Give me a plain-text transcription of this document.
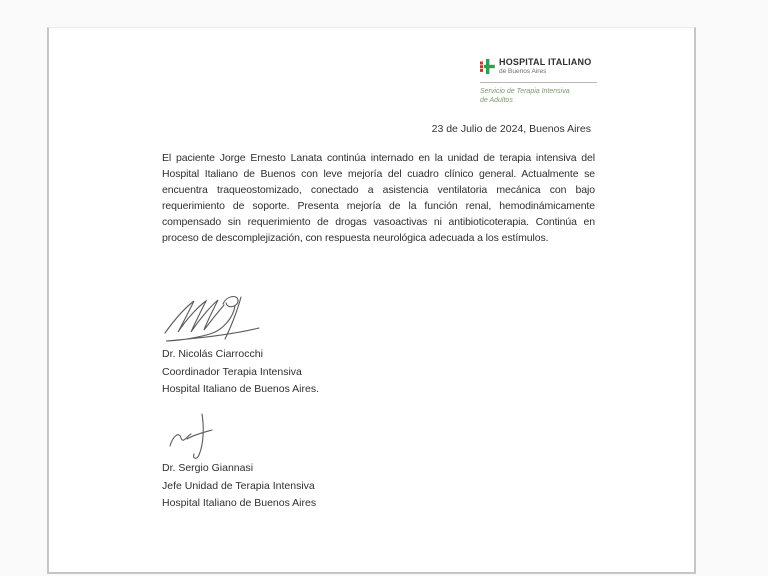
HOSPITAL ITALIANO
de Buenos Aires
Servicio de Terapia Intensiva
de Adultos
23 de Julio de 2024, Buenos Aires
El paciente Jorge Ernesto Lanata continúa internado en la unidad de terapia intensiva del Hospital Italiano de Buenos con leve mejoría del cuadro clínico general. Actualmente se encuentra traqueostomizado, conectado a asistencia ventilatoria mecánica con bajo requerimiento de soporte. Presenta mejoría de la función renal, hemodinámicamente compensado sin requerimiento de drogas vasoactivas ni antibioticoterapia. Continúa en proceso de descomplejización, con respuesta neurológica adecuada a los estímulos.
Dr. Nicolás Ciarrocchi
Coordinador Terapia Intensiva
Hospital Italiano de Buenos Aires.
Dr. Sergio Giannasi
Jefe Unidad de Terapia Intensiva
Hospital Italiano de Buenos Aires
